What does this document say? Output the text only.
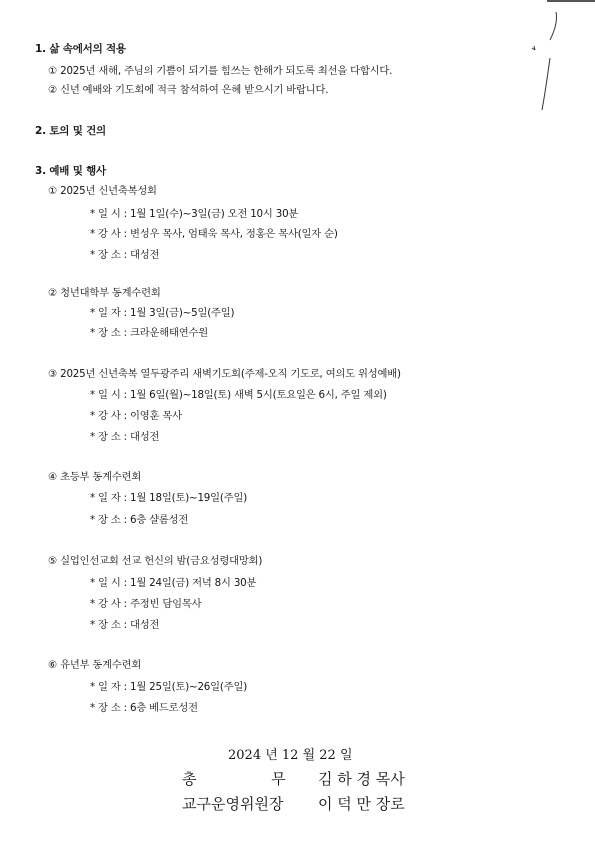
1. 삶 속에서의 적용
① 2025년 새해, 주님의 기쁨이 되기를 힘쓰는 한해가 되도록 최선을 다합시다.
② 신년 예배와 기도회에 적극 참석하여 은혜 받으시기 바랍니다.
2. 토의 및 건의
3. 예배 및 행사
① 2025년 신년축복성회
* 일 시 : 1월 1일(수)~3일(금) 오전 10시 30분
* 강 사 : 변성우 목사, 엄태욱 목사, 정홍은 목사(일자 순)
* 장 소 : 대성전
② 청년대학부 동계수련회
* 일 자 : 1월 3일(금)~5일(주일)
* 장 소 : 크라운해태연수원
③ 2025년 신년축복 열두광주리 새벽기도회(주제-오직 기도로, 여의도 위성예배)
* 일 시 : 1월 6일(월)~18일(토) 새벽 5시(토요일은 6시, 주일 제외)
* 강 사 : 이영훈 목사
* 장 소 : 대성전
④ 초등부 동계수련회
* 일 자 : 1월 18일(토)~19일(주일)
* 장 소 : 6층 샬롬성전
⑤ 실업인선교회 선교 헌신의 밤(금요성령대망회)
* 일 시 : 1월 24일(금) 저녁 8시 30분
* 강 사 : 주정빈 담임목사
* 장 소 : 대성전
⑥ 유년부 동계수련회
* 일 자 : 1월 25일(토)~26일(주일)
* 장 소 : 6층 베드로성전
2024 년 12 월 22 일
총 무 김 하 경 목사
교구운영위원장 이 덕 만 장로
